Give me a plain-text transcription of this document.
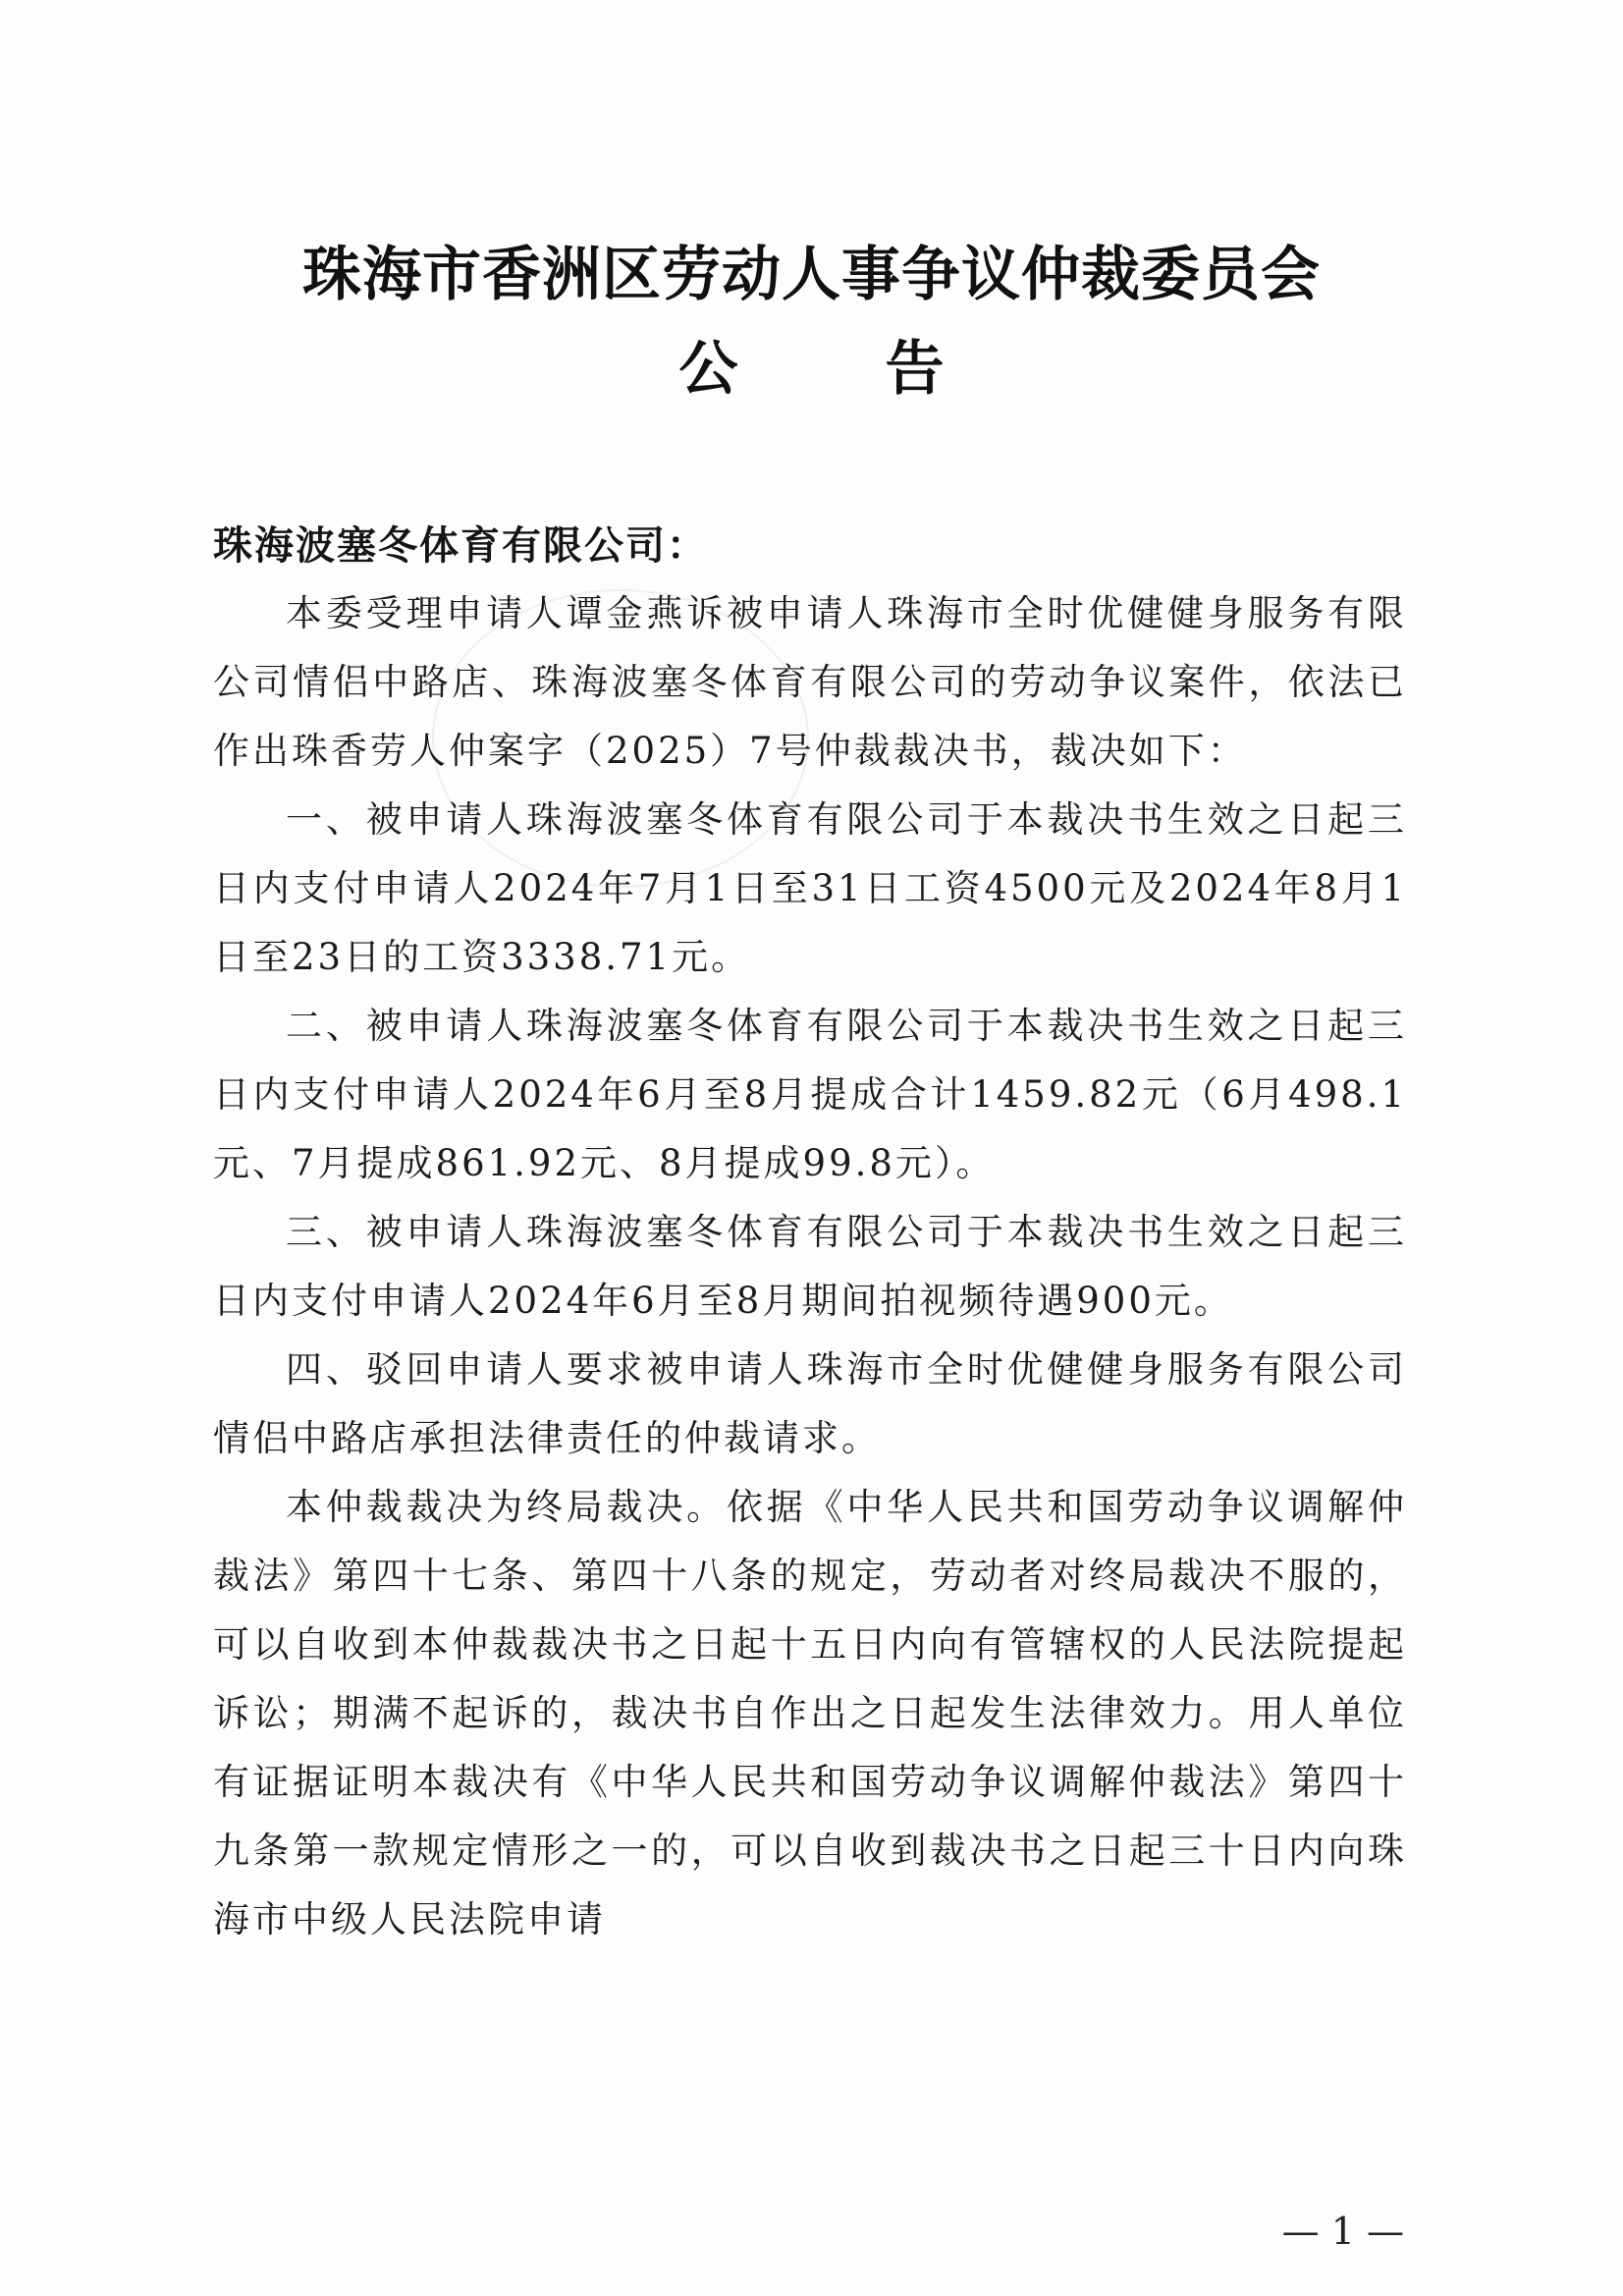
珠海市香洲区劳动人事争议仲裁委员会
公	告
珠海波塞冬体育有限公司：

本委受理申请人谭金燕诉被申请人珠海市全时优健健身服务有限公司情侣中路店、珠海波塞冬体育有限公司的劳动争议案件，依法已作出珠香劳人仲案字（2025）7号仲裁裁决书，裁决如下：

一、被申请人珠海波塞冬体育有限公司于本裁决书生效之日起三日内支付申请人2024年7月1日至31日工资4500元及2024年8月1日至23日的工资3338.71元。

二、被申请人珠海波塞冬体育有限公司于本裁决书生效之日起三日内支付申请人2024年6月至8月提成合计1459.82元（6月498.1元、7月提成861.92元、8月提成99.8元）。

三、被申请人珠海波塞冬体育有限公司于本裁决书生效之日起三日内支付申请人2024年6月至8月期间拍视频待遇900元。

四、驳回申请人要求被申请人珠海市全时优健健身服务有限公司情侣中路店承担法律责任的仲裁请求。

本仲裁裁决为终局裁决。依据《中华人民共和国劳动争议调解仲裁法》第四十七条、第四十八条的规定，劳动者对终局裁决不服的，可以自收到本仲裁裁决书之日起十五日内向有管辖权的人民法院提起诉讼；期满不起诉的，裁决书自作出之日起发生法律效力。用人单位有证据证明本裁决有《中华人民共和国劳动争议调解仲裁法》第四十九条第一款规定情形之一的，可以自收到裁决书之日起三十日内向珠海市中级人民法院申请

— 1 —
